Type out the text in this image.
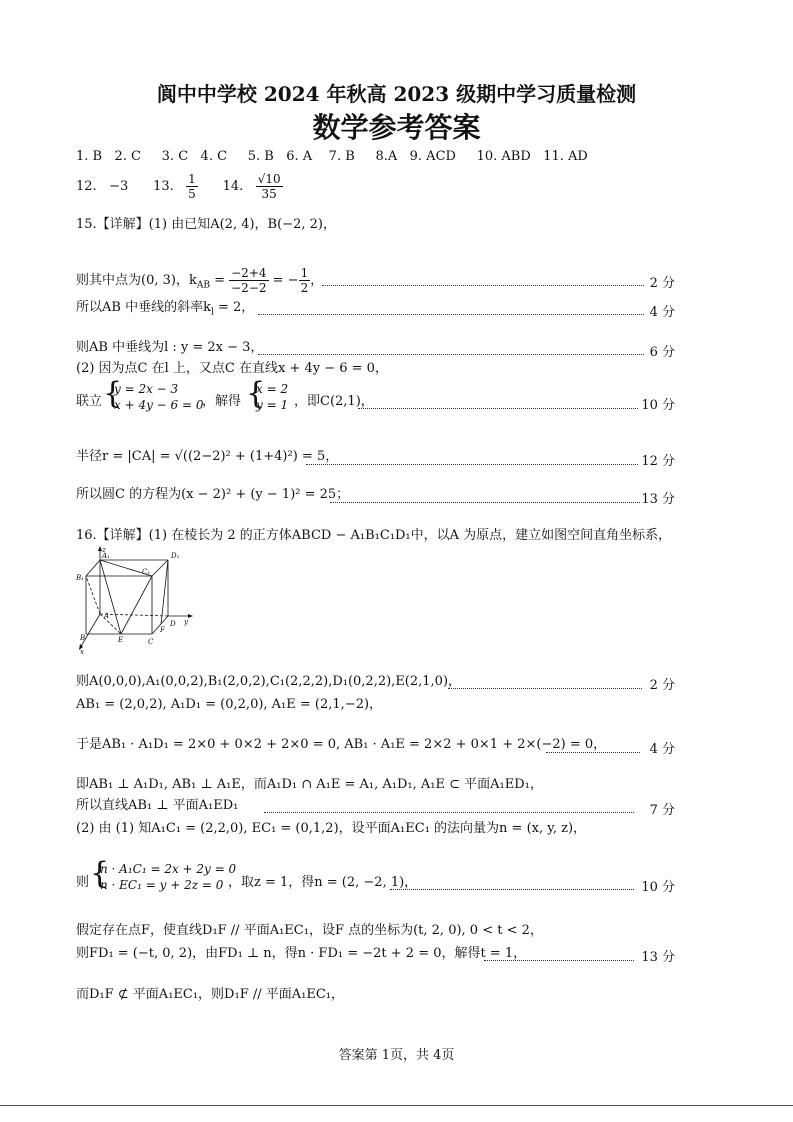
阆中中学校 2024 年秋高 2023 级期中学习质量检测
数学参考答案
1. B 2. C 3. C 4. C 5. B 6. A 7. B 8.A 9. ACD 10. ABD 11. AD
12. −3 13. $\frac{1}{5} 14$. $\frac{√10}{35}$
15.【详解】(1) 由已知A(2, 4)，B(−2, 2)，
则其中点为(0, 3)，$k_{AB} = \frac{-2+4}{-2-2}$ = − $\frac{1}{2}$ ，	2 分
所以AB 中垂线的斜率$k_l = 2$，	4 分
则AB 中垂线为l : y = 2x − 3，	6 分
(2) 因为点C 在l 上，又点C 在直线x + 4y − 6 = 0，
联立 {
y = 2x − 3
x + 4y − 6 = 0
，解得 {
x = 2
y = 1 ，即C(2,1)，	10 分
半径r = |CA| = √((2−2)² + (1+4)²) = 5，	12 分
所以圆C 的方程为(x − 2)² + (y − 1)² = 25；	13 分
16.【详解】(1) 在棱长为 2 的正方体ABCD − A₁B₁C₁D₁中，以A 为原点，建立如图空间直角坐标系，
z
A₁
B₁
C₁
D₁
A
B	C
D
E
F
x
y
则A(0,0,0),A₁(0,0,2),B₁(2,0,2),C₁(2,2,2),D₁(0,2,2),E(2,1,0)，	2 分
AB₁ = (2,0,2), A₁D₁ = (0,2,0), A₁E = (2,1,−2)，
于是AB₁ · A₁D₁ = 2×0 + 0×2 + 2×0 = 0, AB₁ · A₁E = 2×2 + 0×1 + 2×(−2) = 0，	4 分
即AB₁ ⊥ A₁D₁, AB₁ ⊥ A₁E，而A₁D₁ ∩ A₁E = A₁, A₁D₁, A₁E ⊂ 平面A₁ED₁，
所以直线AB₁ ⊥ 平面A₁ED₁	7 分
(2) 由 (1) 知A₁C₁ = (2,2,0), EC₁ = (0,1,2)，设平面A₁EC₁ 的法向量为n = (x, y, z)，
则 {
n · A₁C₁ = 2x + 2y = 0
n · EC₁ = y + 2z = 0 ，取z = 1，得n = (2, −2, 1)，	10 分
假定存在点F，使直线D₁F // 平面A₁EC₁，设F 点的坐标为(t, 2, 0), 0 < t < 2，
则FD₁ = (−t, 0, 2)，由FD₁ ⊥ n，得n · FD₁ = −2t + 2 = 0，解得t = 1，	13 分
而D₁F ⊄ 平面A₁EC₁，则D₁F // 平面A₁EC₁，
答案第 1页，共 4页
